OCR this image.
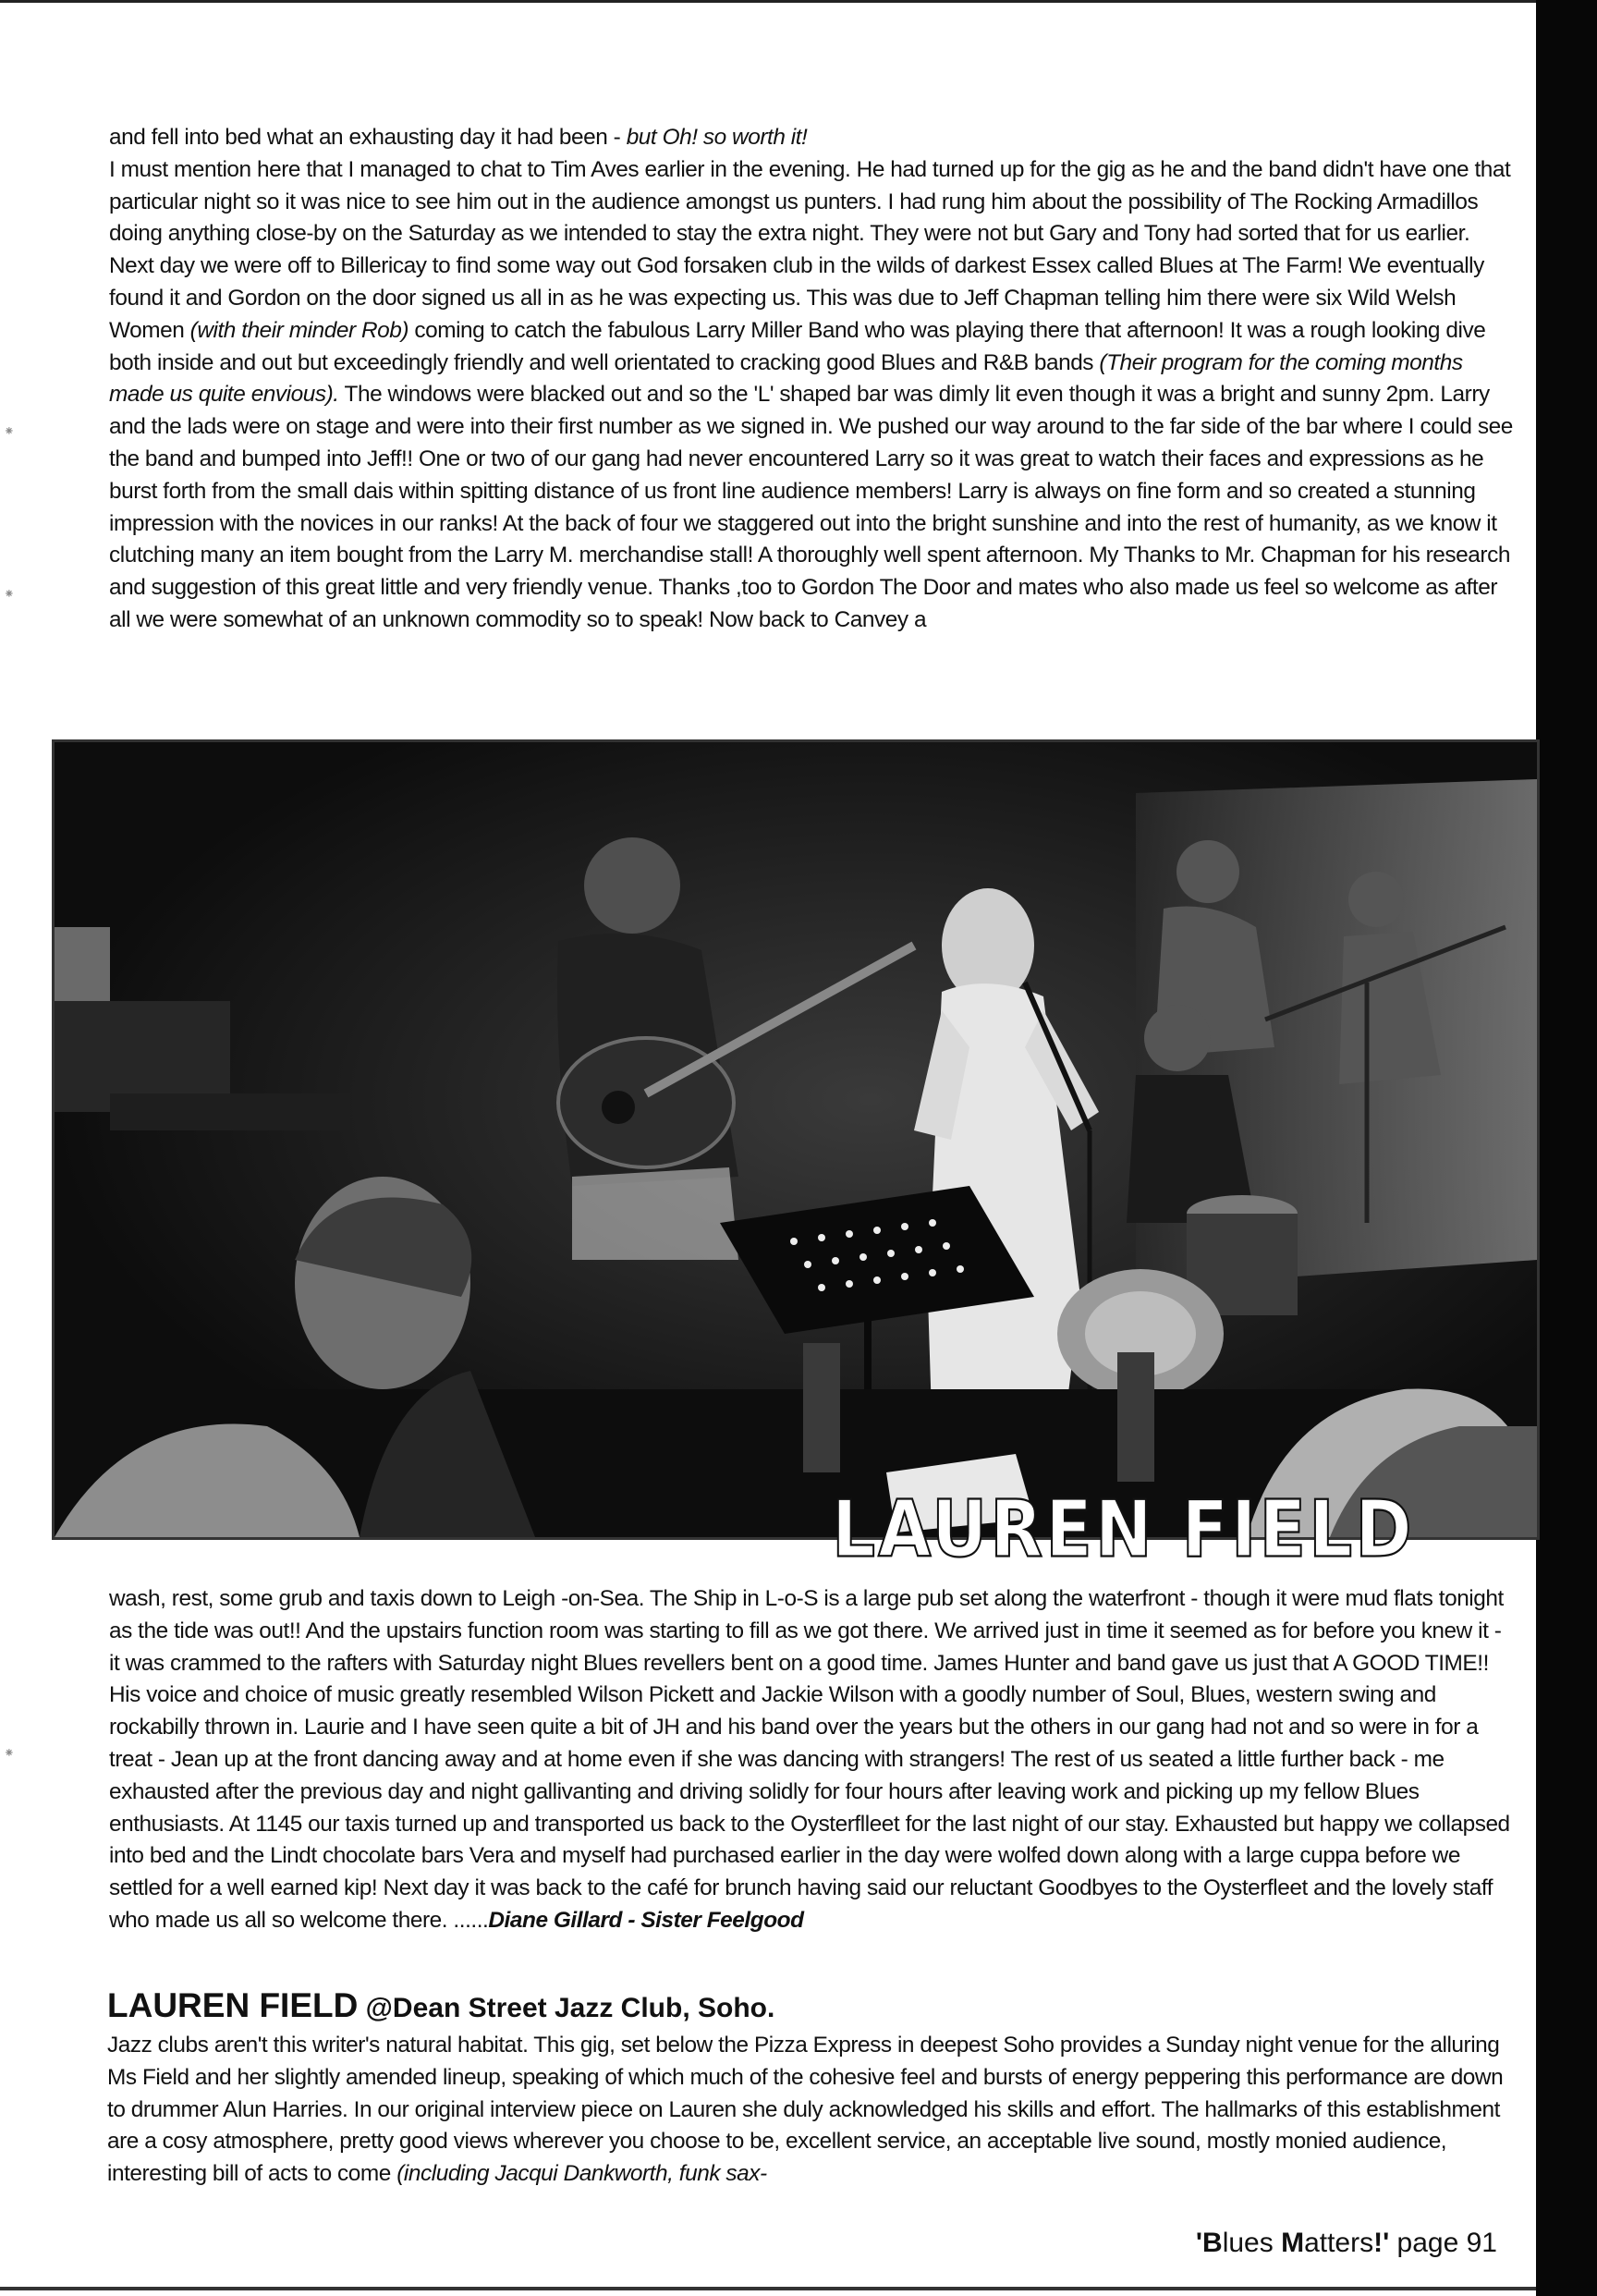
⁕
⁕
⁕

and fell into bed what an exhausting day it had been - but Oh! so worth it!

I must mention here that I managed to chat to Tim Aves earlier in the evening. He had turned up for the gig as he and the band didn't have one that particular night so it was nice to see him out in the audience amongst us punters. I had rung him about the possibility of The Rocking Armadillos doing anything close-by on the Saturday as we intended to stay the extra night. They were not but Gary and Tony had sorted that for us earlier.

Next day we were off to Billericay to find some way out God forsaken club in the wilds of darkest Essex called Blues at The Farm! We eventually found it and Gordon on the door signed us all in as he was expecting us. This was due to Jeff Chapman telling him there were six Wild Welsh Women (with their minder Rob) coming to catch the fabulous Larry Miller Band who was playing there that afternoon! It was a rough looking dive both inside and out but exceedingly friendly and well orientated to cracking good Blues and R&B bands (Their program for the coming months made us quite envious). The windows were blacked out and so the 'L' shaped bar was dimly lit even though it was a bright and sunny 2pm. Larry and the lads were on stage and were into their first number as we signed in. We pushed our way around to the far side of the bar where I could see the band and bumped into Jeff!! One or two of our gang had never encountered Larry so it was great to watch their faces and expressions as he burst forth from the small dais within spitting distance of us front line audience members! Larry is always on fine form and so created a stunning impression with the novices in our ranks! At the back of four we staggered out into the bright sunshine and into the rest of humanity, as we know it clutching many an item bought from the Larry M. merchandise stall! A thoroughly well spent afternoon. My Thanks to Mr. Chapman for his research and suggestion of this great little and very friendly venue. Thanks ,too to Gordon The Door and mates who also made us feel so welcome as after all we were somewhat of an unknown commodity so to speak! Now back to Canvey a

LAUREN FIELD

wash, rest, some grub and taxis down to Leigh -on-Sea. The Ship in L-o-S is a large pub set along the waterfront - though it were mud flats tonight as the tide was out!! And the upstairs function room was starting to fill as we got there. We arrived just in time it seemed as for before you knew it - it was crammed to the rafters with Saturday night Blues revellers bent on a good time. James Hunter and band gave us just that A GOOD TIME!! His voice and choice of music greatly resembled Wilson Pickett and Jackie Wilson with a goodly number of Soul, Blues, western swing and rockabilly thrown in. Laurie and I have seen quite a bit of JH and his band over the years but the others in our gang had not and so were in for a treat - Jean up at the front dancing away and at home even if she was dancing with strangers! The rest of us seated a little further back - me exhausted after the previous day and night gallivanting and driving solidly for four hours after leaving work and picking up my fellow Blues enthusiasts. At 1145 our taxis turned up and transported us back to the Oysterflleet for the last night of our stay. Exhausted but happy we collapsed into bed and the Lindt chocolate bars Vera and myself had purchased earlier in the day were wolfed down along with a large cuppa before we settled for a well earned kip! Next day it was back to the café for brunch having said our reluctant Goodbyes to the Oysterfleet and the lovely staff who made us all so welcome there. ......Diane Gillard - Sister Feelgood

LAUREN FIELD @Dean Street Jazz Club, Soho.

Jazz clubs aren't this writer's natural habitat. This gig, set below the Pizza Express in deepest Soho provides a Sunday night venue for the alluring Ms Field and her slightly amended lineup, speaking of which much of the cohesive feel and bursts of energy peppering this performance are down to drummer Alun Harries. In our original interview piece on Lauren she duly acknowledged his skills and effort. The hallmarks of this establishment are a cosy atmosphere, pretty good views wherever you choose to be, excellent service, an acceptable live sound, mostly monied audience, interesting bill of acts to come (including Jacqui Dankworth, funk sax-

'Blues Matters!' page 91
